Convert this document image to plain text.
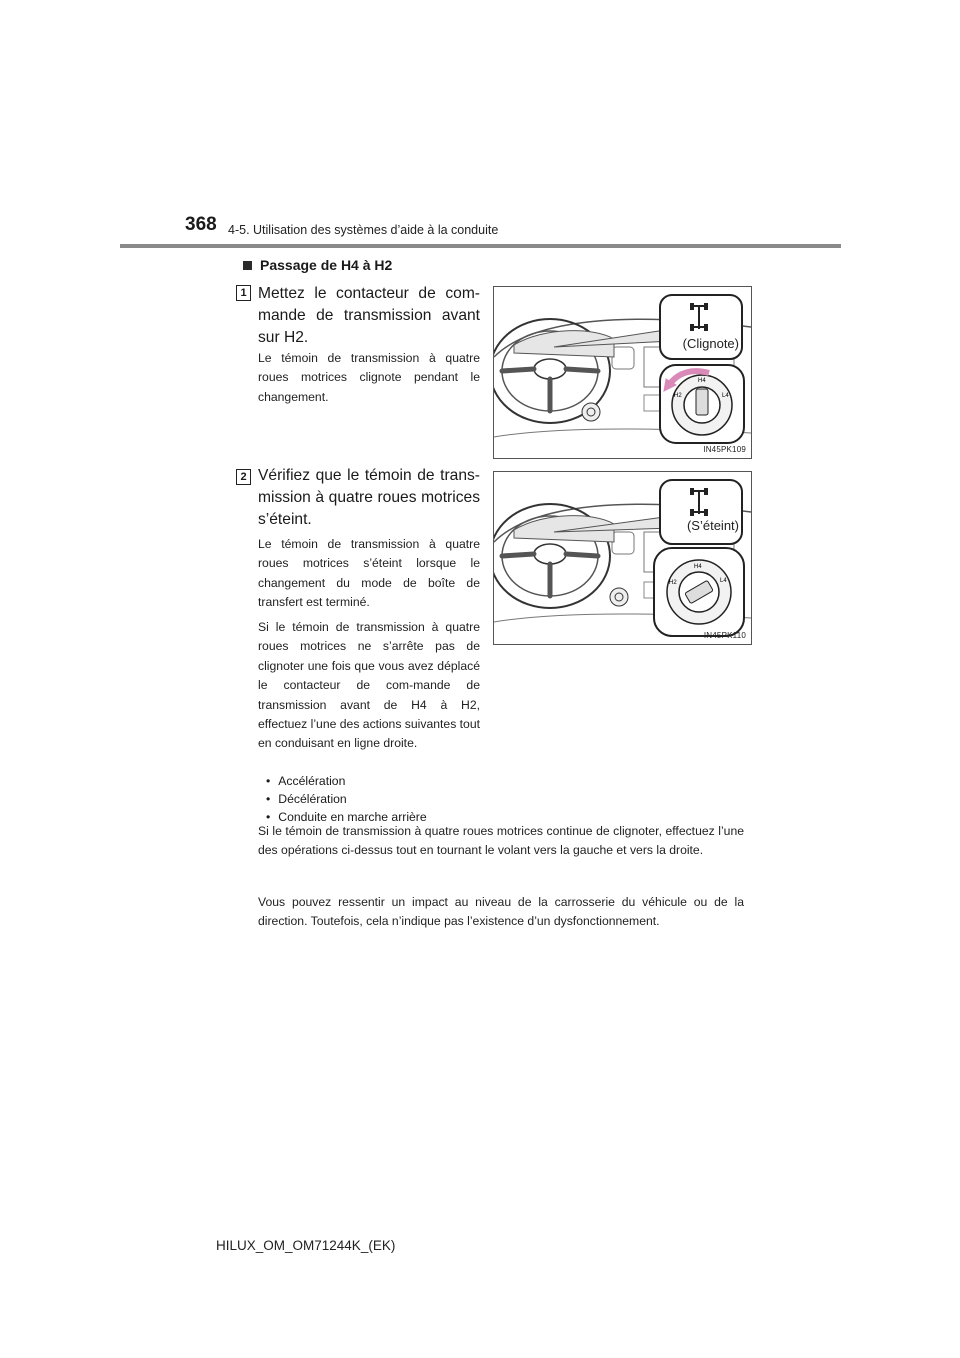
368 4-5. Utilisation des systèmes d’aide à la conduite
Passage de H4 à H2
1 Mettez le contacteur de com-mande de transmission avant sur H2.
Le témoin de transmission à quatre roues motrices clignote pendant le changement.	H2
H4
L4
(Clignote)
IN45PK109
2 Vérifiez que le témoin de trans-mission à quatre roues motrices s’éteint.
Le témoin de transmission à quatre roues motrices s’éteint lorsque le changement du mode de boîte de transfert est terminé.
Si le témoin de transmission à quatre roues motrices ne s’arrête pas de clignoter une fois que vous avez déplacé le contacteur de com-mande de transmission avant de H4 à H2, effectuez l’une des actions suivantes tout en conduisant en ligne droite.
• Accélération
• Décélération
• Conduite en marche arrière
H2
H4
L4
(S’éteint)
IN45PK110
Si le témoin de transmission à quatre roues motrices continue de clignoter, effectuez l’une des opérations ci-dessus tout en tournant le volant vers la gauche et vers la droite.
Vous pouvez ressentir un impact au niveau de la carrosserie du véhicule ou de la direction. Toutefois, cela n’indique pas l’existence d’un dysfonctionnement.
HILUX_OM_OM71244K_(EK)
